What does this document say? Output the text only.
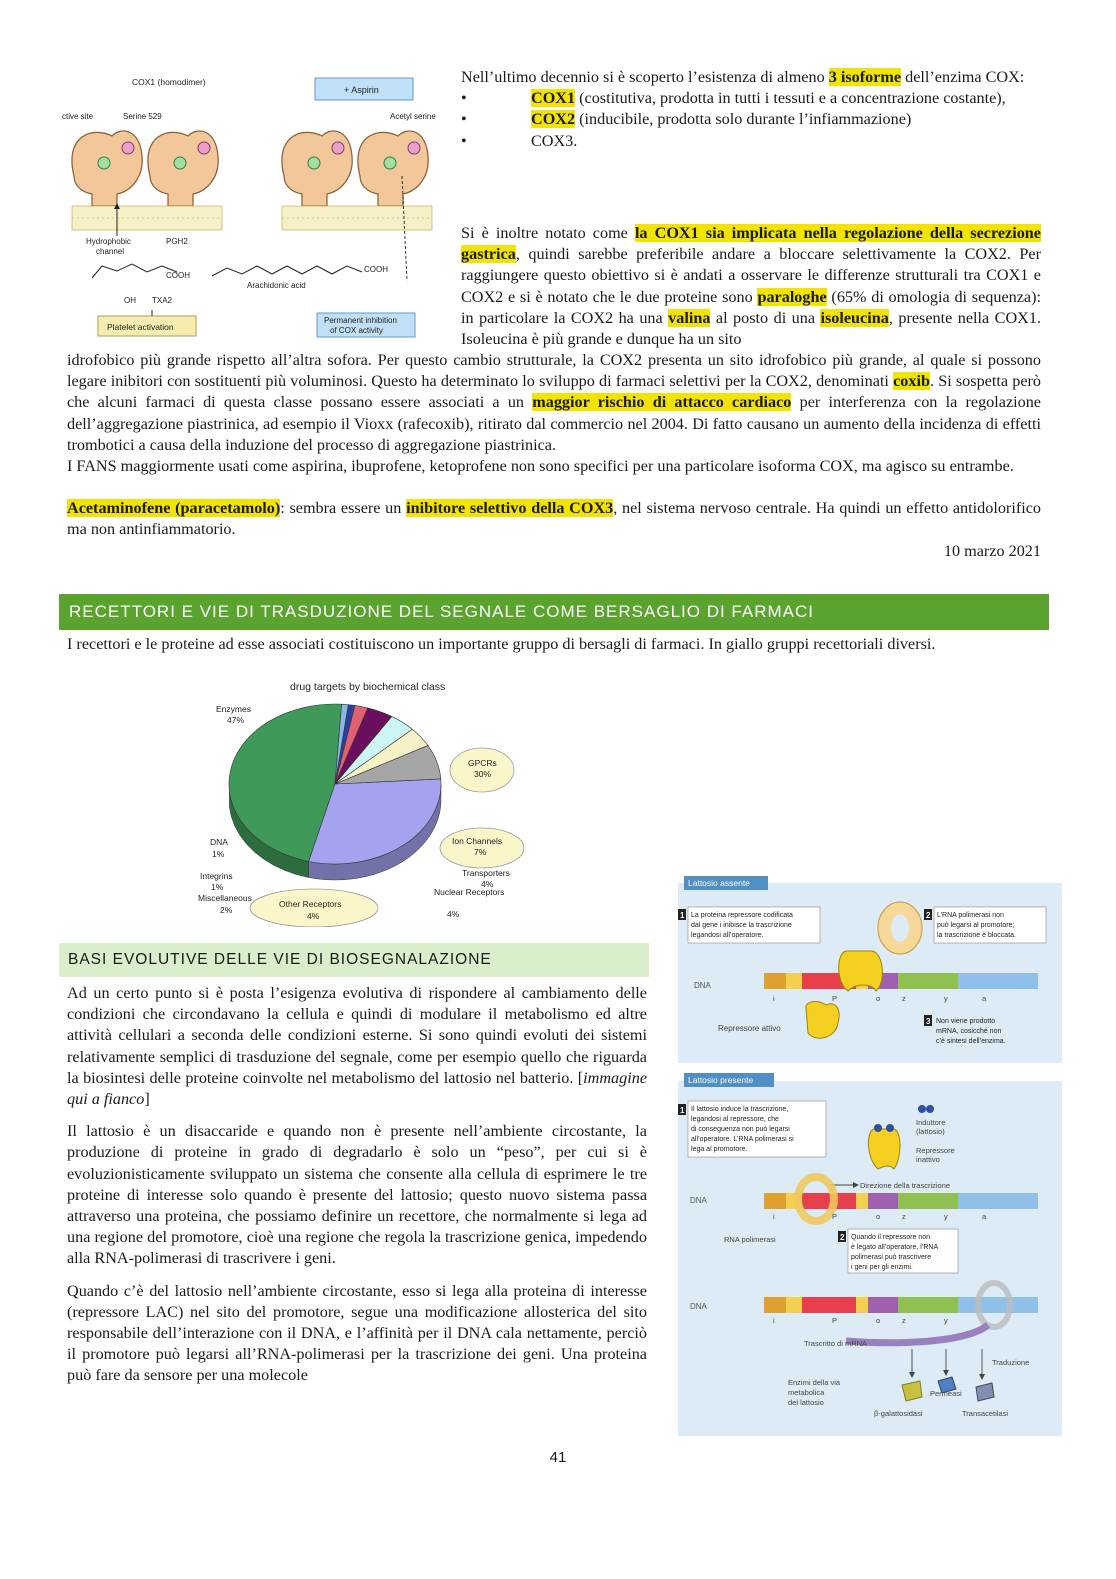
COX1 (homodimer)
+ Aspirin
ctive site	Serine 529	Acetyl serine
Hydrophobic
channel
PGH2
COOH
Arachidonic acid
COOH
OH TXA2
Platelet activation
Permanent inhibition
of COX activity

Nell’ultimo decennio si è scoperto l’esistenza di almeno 3 isoforme dell’enzima COX:

•	COX1 (costitutiva, prodotta in tutti i tessuti e a concentrazione costante),
•	COX2 (inducibile, prodotta solo durante l’infiammazione)
•	COX3.

Si è inoltre notato come la COX1 sia implicata nella regolazione della secrezione gastrica, quindi sarebbe preferibile andare a bloccare selettivamente la COX2. Per raggiungere questo obiettivo si è andati a osservare le differenze strutturali tra COX1 e COX2 e si è notato che le due proteine sono paraloghe (65% di omologia di sequenza): in particolare la COX2 ha una valina al posto di una isoleucina, presente nella COX1. Isoleucina è più grande e dunque ha un sito

idrofobico più grande rispetto all’altra sofora. Per questo cambio strutturale, la COX2 presenta un sito idrofobico più grande, al quale si possono legare inibitori con sostituenti più voluminosi. Questo ha determinato lo sviluppo di farmaci selettivi per la COX2, denominati coxib. Si sospetta però che alcuni farmaci di questa classe possano essere associati a un maggior rischio di attacco cardiaco per interferenza con la regolazione dell’aggregazione piastrinica, ad esempio il Vioxx (rafecoxib), ritirato dal commercio nel 2004. Di fatto causano un aumento della incidenza di effetti trombotici a causa della induzione del processo di aggregazione piastrinica.

I FANS maggiormente usati come aspirina, ibuprofene, ketoprofene non sono specifici per una particolare isoforma COX, ma agisco su entrambe.

Acetaminofene (paracetamolo): sembra essere un inibitore selettivo della COX3, nel sistema nervoso centrale. Ha quindi un effetto antidolorifico ma non antinfiammatorio.

10 marzo 2021

RECETTORI E VIE DI TRASDUZIONE DEL SEGNALE COME BERSAGLIO DI FARMACI

I recettori e le proteine ad esse associati costituiscono un importante gruppo di bersagli di farmaci. In giallo gruppi recettoriali diversi.

drug targets by biochemical class
Enzymes
47%
GPCRs
30%
Ion Channels
7%
Transporters
4%
Nuclear Receptors
4%
Other Receptors
4%
Miscellaneous
2%
Integrins
1%
DNA
1%
BASI EVOLUTIVE DELLE VIE DI BIOSEGNALAZIONE

Ad un certo punto si è posta l’esigenza evolutiva di rispondere al cambiamento delle condizioni che circondavano la cellula e quindi di modulare il metabolismo ed altre attività cellulari a seconda delle condizioni esterne. Si sono quindi evoluti dei sistemi relativamente semplici di trasduzione del segnale, come per esempio quello che riguarda la biosintesi delle proteine coinvolte nel metabolismo del lattosio nel batterio. [immagine qui a fianco]

Il lattosio è un disaccaride e quando non è presente nell’ambiente circostante, la produzione di proteine in grado di degradarlo è solo un “peso”, per cui si è evoluzionisticamente sviluppato un sistema che consente alla cellula di esprimere le tre proteine di interesse solo quando è presente del lattosio; questo nuovo sistema passa attraverso una proteina, che possiamo definire un recettore, che normalmente si lega ad una regione del promotore, cioè una regione che regola la trascrizione genica, impedendo alla RNA-polimerasi di trascrivere i geni.

Quando c’è del lattosio nell’ambiente circostante, esso si lega alla proteina di interesse (repressore LAC) nel sito del promotore, segue una modificazione allosterica del sito responsabile dell’interazione con il DNA, e l’affinità per il DNA cala nettamente, perciò il promotore può legarsi all’RNA-polimerasi per la trascrizione dei geni. Una proteina può fare da sensore per una molecole

Lattosio assente
1 La proteina repressore codificata
dal gene i inibisce la trascrizione
legandosi all’operatore.
2 L’RNA polimerasi non
può legarsi al promotore;
la trascrizione è bloccata.
DNA
i	P	o	z	y	a
Repressore attivo
3 Non viene prodotto
mRNA, cosicché non
c’è sintesi dell’enzima.
Lattosio presente
1 Il lattosio induce la trascrizione,
legandosi al repressore, che
di conseguenza non può legarsi
all’operatore. L’RNA polimerasi si
lega al promotore.
Induttore
(lattosio)
Repressore
inattivo
Direzione della trascrizione
DNA
i	P	o	z	y	a
RNA polimerasi	2 Quando il repressore non
è legato all’operatore, l’RNA
polimerasi può trascrivere
i geni per gli enzimi.
DNA
i	P	o	z	y
Trascritto di mRNA
Traduzione
Enzimi della via
metabolica
del lattosio
Permeasi
β-galattosidasi	Transacetilasi
41
